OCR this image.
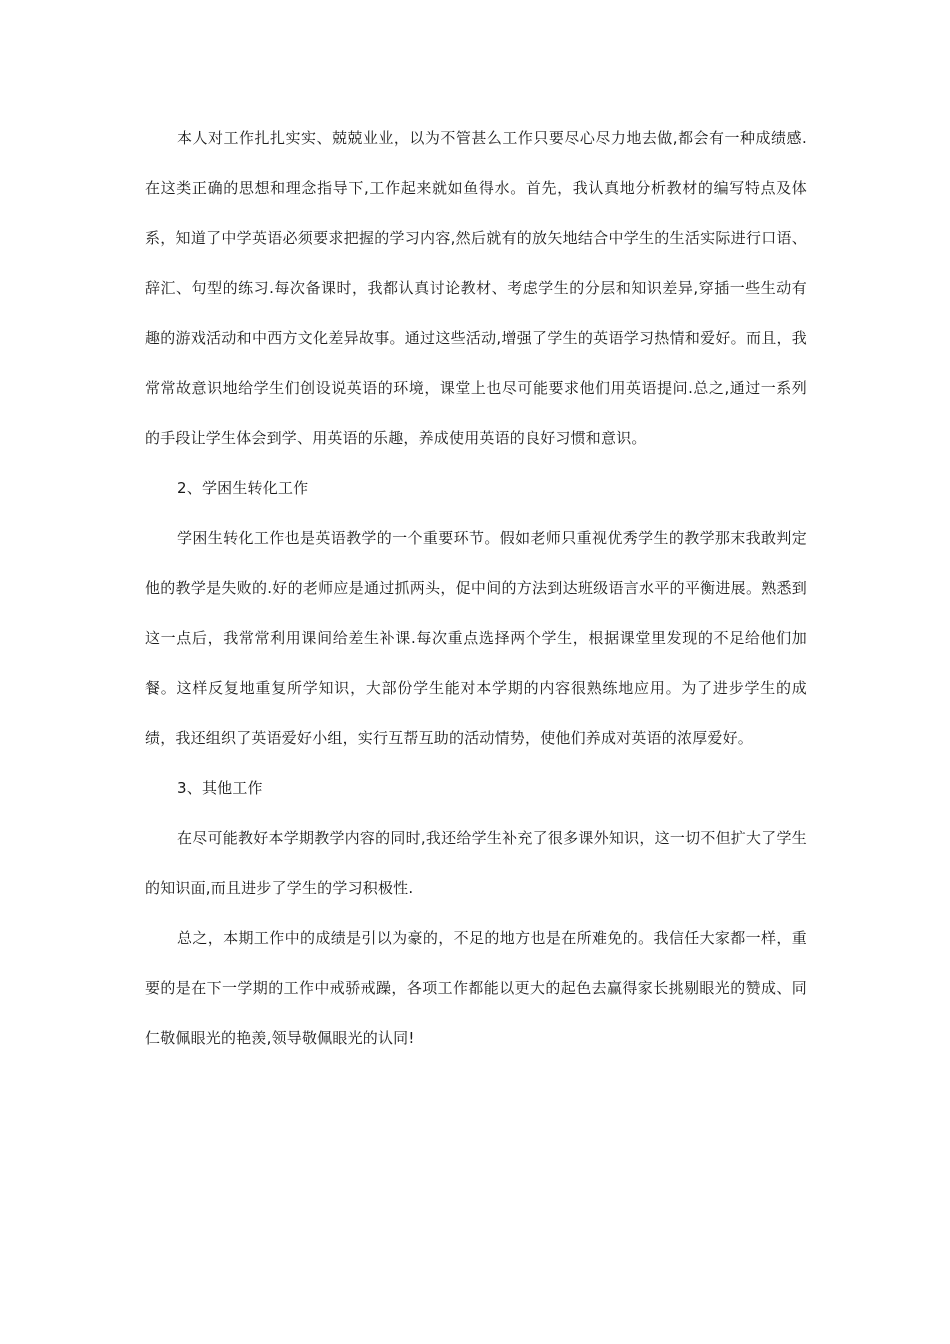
本人对工作扎扎实实、兢兢业业，以为不管甚么工作只要尽心尽力地去做,都会有一种成绩感.在这类正确的思想和理念指导下,工作起来就如鱼得水。首先，我认真地分析教材的编写特点及体系，知道了中学英语必须要求把握的学习内容,然后就有的放矢地结合中学生的生活实际进行口语、辞汇、句型的练习.每次备课时，我都认真讨论教材、考虑学生的分层和知识差异,穿插一些生动有趣的游戏活动和中西方文化差异故事。通过这些活动,增强了学生的英语学习热情和爱好。而且，我常常故意识地给学生们创设说英语的环境，课堂上也尽可能要求他们用英语提问.总之,通过一系列的手段让学生体会到学、用英语的乐趣，养成使用英语的良好习惯和意识。

2、学困生转化工作

学困生转化工作也是英语教学的一个重要环节。假如老师只重视优秀学生的教学那末我敢判定他的教学是失败的.好的老师应是通过抓两头，促中间的方法到达班级语言水平的平衡进展。熟悉到这一点后，我常常利用课间给差生补课.每次重点选择两个学生，根据课堂里发现的不足给他们加餐。这样反复地重复所学知识，大部份学生能对本学期的内容很熟练地应用。为了进步学生的成绩，我还组织了英语爱好小组，实行互帮互助的活动情势，使他们养成对英语的浓厚爱好。

3、其他工作

在尽可能教好本学期教学内容的同时,我还给学生补充了很多课外知识，这一切不但扩大了学生的知识面,而且进步了学生的学习积极性.

总之，本期工作中的成绩是引以为豪的，不足的地方也是在所难免的。我信任大家都一样，重要的是在下一学期的工作中戒骄戒躁，各项工作都能以更大的起色去赢得家长挑剔眼光的赞成、同仁敬佩眼光的艳羡,领导敬佩眼光的认同!
